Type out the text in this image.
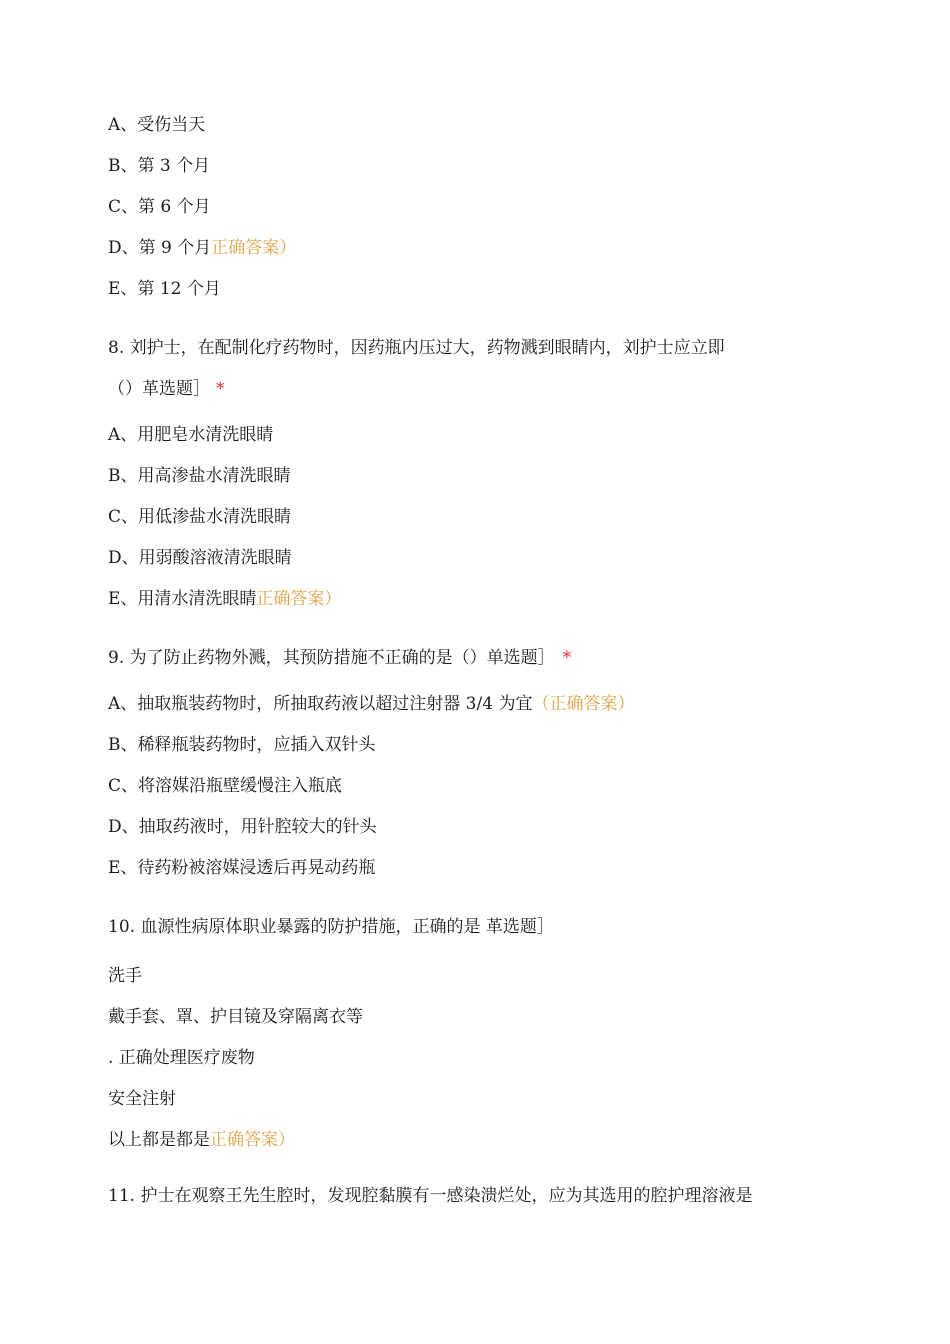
A、受伤当天
B、第 3 个月
C、第 6 个月
D、第 9 个月正确答案）
E、第 12 个月
8. 刘护士，在配制化疗药物时，因药瓶内压过大，药物溅到眼睛内，刘护士应立即
（）革选题］ *
A、用肥皂水清洗眼睛
B、用高渗盐水清洗眼睛
C、用低渗盐水清洗眼睛
D、用弱酸溶液清洗眼睛
E、用清水清洗眼睛正确答案）
9. 为了防止药物外溅，其预防措施不正确的是（）单选题］ *
A、抽取瓶装药物时，所抽取药液以超过注射器 3/4 为宜（正确答案）
B、稀释瓶装药物时，应插入双针头
C、将溶媒沿瓶壁缓慢注入瓶底
D、抽取药液时，用针腔较大的针头
E、待药粉被溶媒浸透后再晃动药瓶
10. 血源性病原体职业暴露的防护措施，正确的是 革选题］
洗手
戴手套、罩、护目镜及穿隔离衣等
. 正确处理医疗废物
安全注射
以上都是都是正确答案）
11. 护士在观察王先生腔时，发现腔黏膜有一感染溃烂处，应为其选用的腔护理溶液是
